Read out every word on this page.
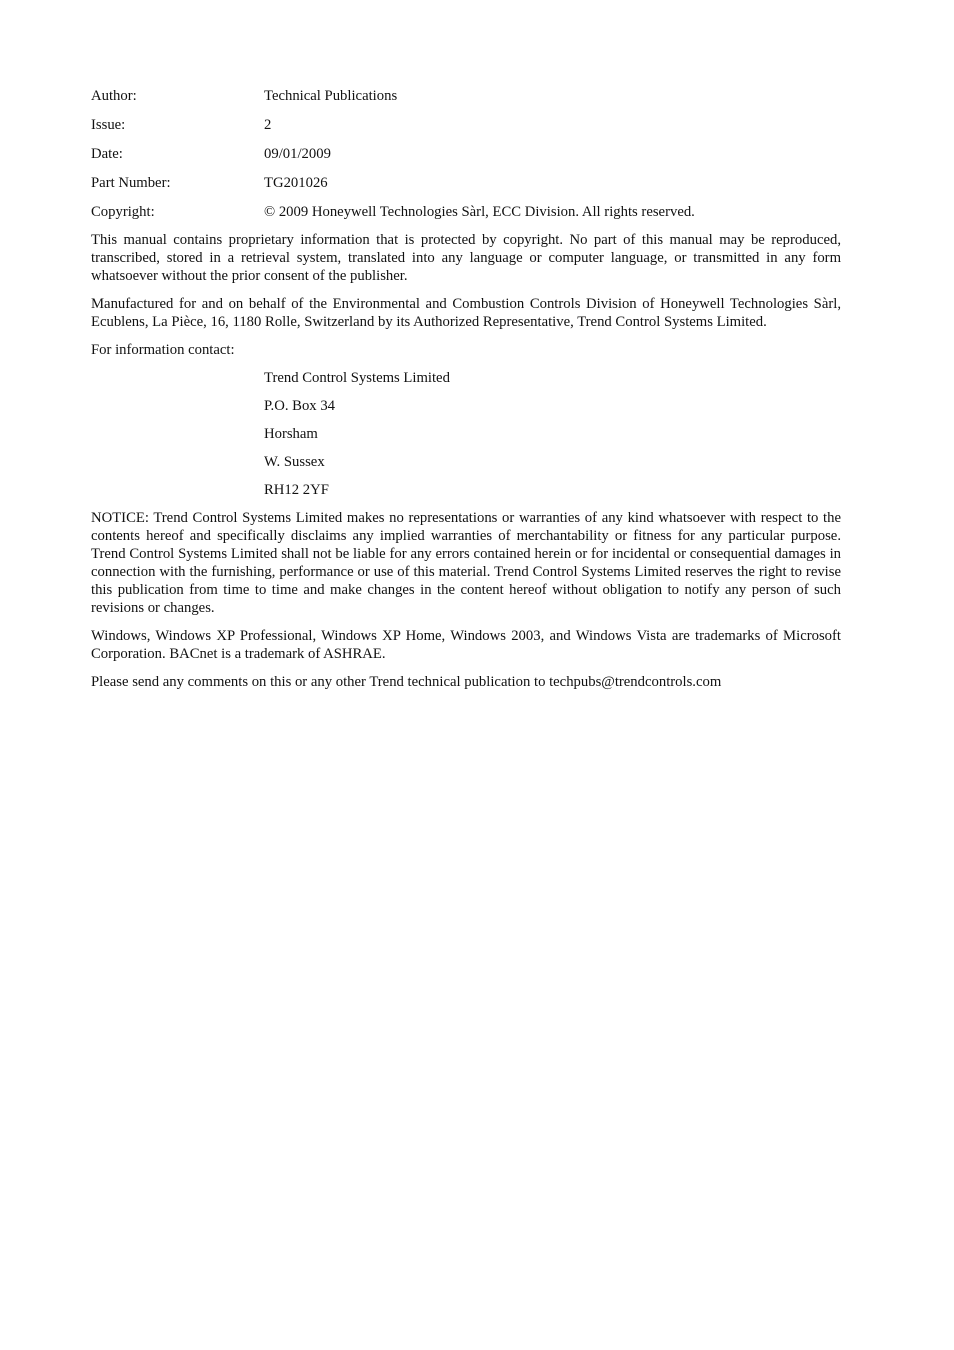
Author:	Technical Publications
Issue:	2
Date:	09/01/2009
Part Number:	TG201026
Copyright:	© 2009 Honeywell Technologies Sàrl, ECC Division. All rights reserved.

This manual contains proprietary information that is protected by copyright. No part of this manual may be reproduced, transcribed, stored in a retrieval system, translated into any language or computer language, or transmitted in any form whatsoever without the prior consent of the publisher.

Manufactured for and on behalf of the Environmental and Combustion Controls Division of Honeywell Technologies Sàrl, Ecublens, La Pièce, 16, 1180 Rolle, Switzerland by its Authorized Representative, Trend Control Systems Limited.

For information contact:

Trend Control Systems Limited
P.O. Box 34
Horsham
W. Sussex
RH12 2YF

NOTICE: Trend Control Systems Limited makes no representations or warranties of any kind whatsoever with respect to the contents hereof and specifically disclaims any implied warranties of merchantability or fitness for any particular purpose. Trend Control Systems Limited shall not be liable for any errors contained herein or for incidental or consequential damages in connection with the furnishing, performance or use of this material. Trend Control Systems Limited reserves the right to revise this publication from time to time and make changes in the content hereof without obligation to notify any person of such revisions or changes.

Windows, Windows XP Professional, Windows XP Home, Windows 2003, and Windows Vista are trademarks of Microsoft Corporation. BACnet is a trademark of ASHRAE.

Please send any comments on this or any other Trend technical publication to techpubs@trendcontrols.com
